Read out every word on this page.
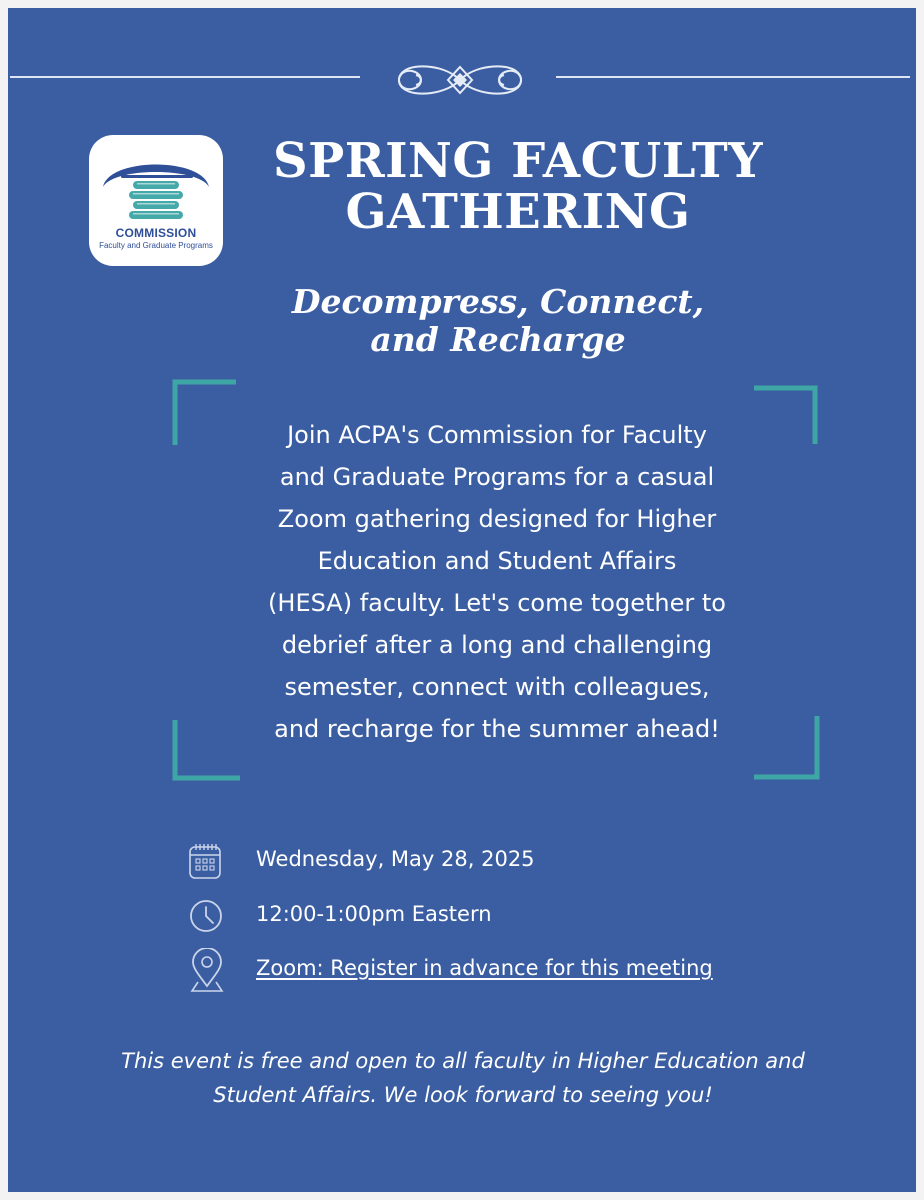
COMMISSION
Faculty and Graduate Programs
SPRING FACULTY
GATHERING
Decompress, Connect,
and Recharge
Join ACPA's Commission for Faculty
and Graduate Programs for a casual
Zoom gathering designed for Higher
Education and Student Affairs
(HESA) faculty. Let's come together to
debrief after a long and challenging
semester, connect with colleagues,
and recharge for the summer ahead!
Wednesday, May 28, 2025
12:00-1:00pm Eastern
Zoom: Register in advance for this meeting

This event is free and open to all faculty in Higher Education and
Student Affairs. We look forward to seeing you!
